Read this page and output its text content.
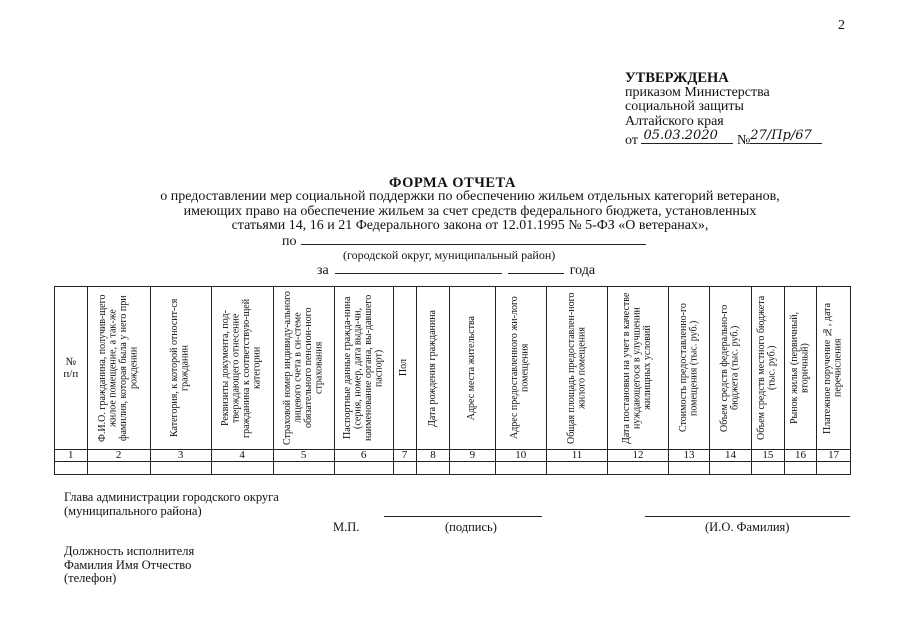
2
УТВЕРЖДЕНА
приказом Министерства
социальной защиты
Алтайского края
от 05.03.2020 № 27/Пр/67
ФОРМА ОТЧЕТА
о предоставлении мер социальной поддержки по обеспечению жильем отдельных категорий ветеранов,
имеющих право на обеспечение жильем за счет средств федерального бюджета, установленных
статьями 14, 16 и 21 Федерального закона от 12.01.1995 № 5-ФЗ «О ветеранах»,
по
(городской округ, муниципальный район)
за	года
№
п/п	Ф.И.О. гражданина, получив-щего жилое помещение, а так-же фамилия, которая была у него при рождении	Категория, к которой относит-ся гражданин	Реквизиты документа, под-тверждающего отнесение гражданина к соответствую-щей категории	Страховой номер индивиду-ального лицевого счета в си-стеме обязательного пенсион-ного страхования	Паспортные данные гражда-нина (серия, номер, дата выда-чи, наименование органа, вы-давшего паспорт)	Пол	Дата рождения гражданина	Адрес места жительства	Адрес предоставленного жи-лого помещения	Общая площадь предоставлен-ного жилого помещения	Дата постановки на учет в качестве нуждающегося в улучшении жилищных условий	Стоимость предоставленно-го помещения (тыс. руб.)	Объем средств федерально-го бюджета (тыс. руб.)	Объем средств местного бюджета (тыс. руб.)	Рынок жилья (первичный, вторичный)	Платежное поручение №, дата перечисления

1	2	3	4	5	6	7	8	9	10	11	12	13	14	15	16	17

Глава администрации городского округа
(муниципального района)
М.П.	(подпись)	(И.О. Фамилия)
Должность исполнителя
Фамилия Имя Отчество
(телефон)
